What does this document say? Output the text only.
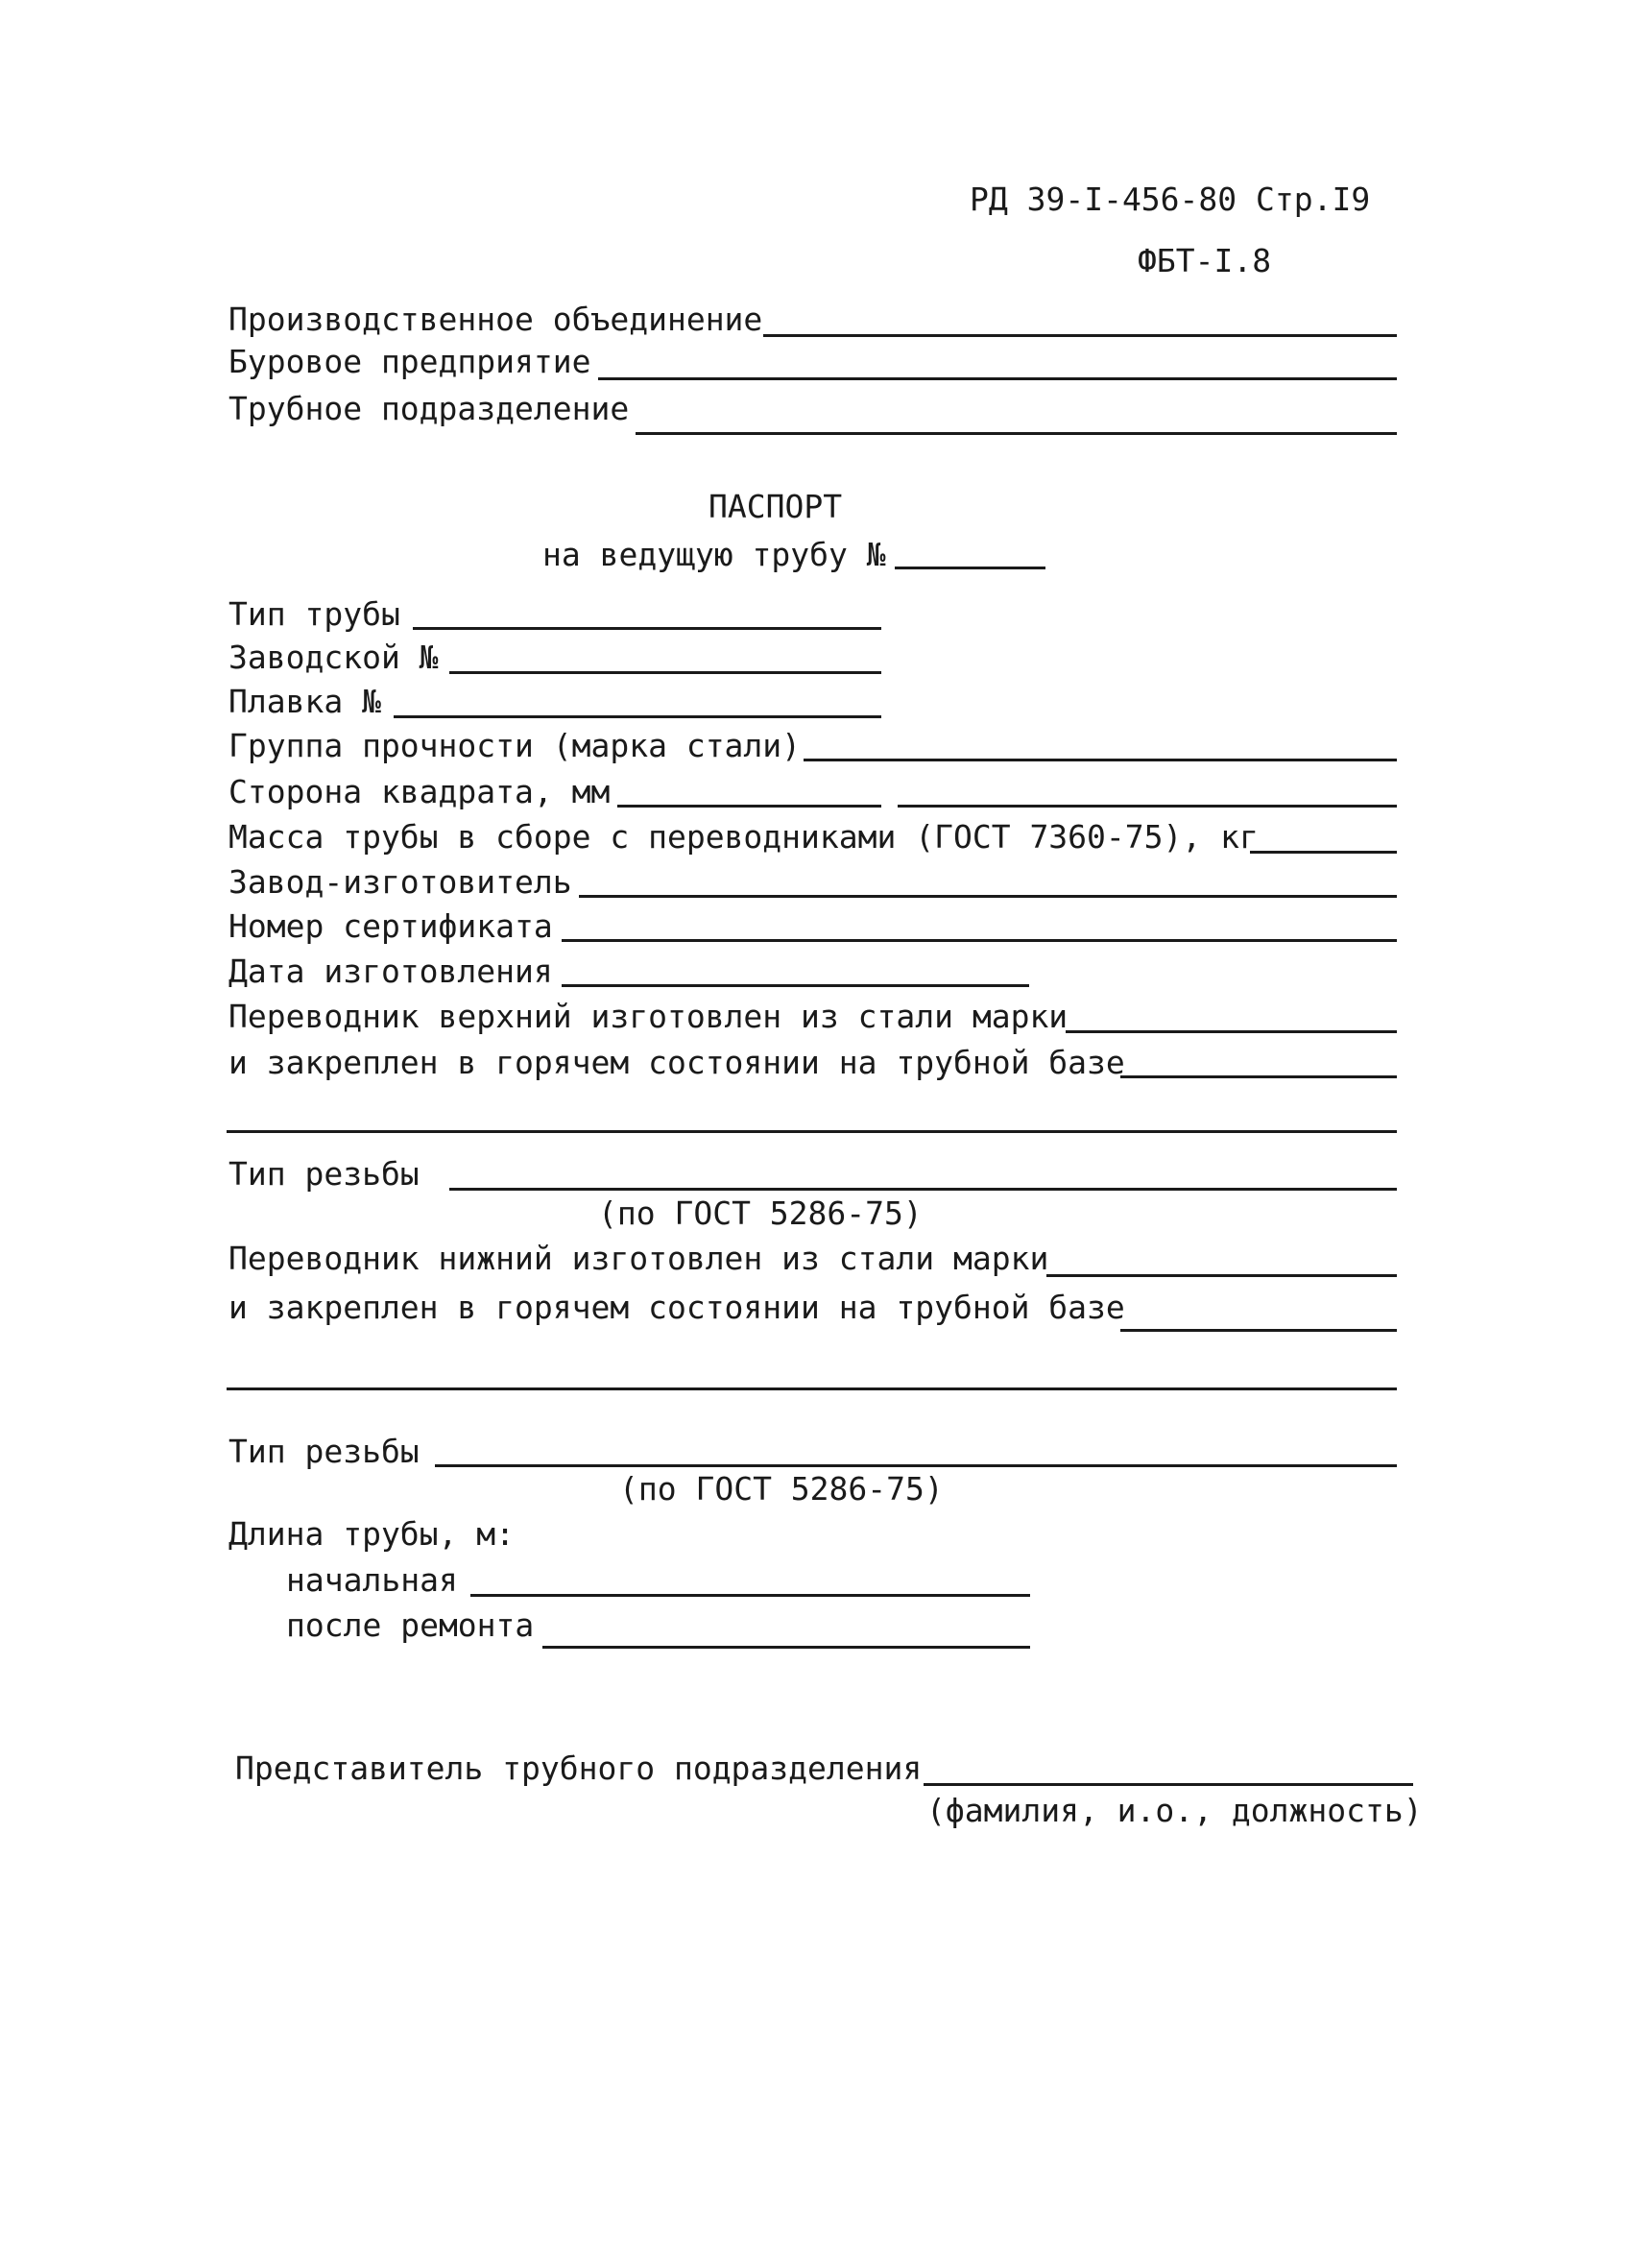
РД 39-I-456-80 Стр.I9
ФБТ-I.8
Производственное объединение
Буровое предприятие
Трубное подразделение
ПАСПОРТ
на ведущую трубу №
Тип трубы
Заводской №
Плавка №
Группа прочности (марка стали)
Сторона квадрата, мм
Масса трубы в сборе с переводниками (ГОСТ 7360-75), кг
Завод-изготовитель
Номер сертификата
Дата изготовления
Переводник верхний изготовлен из стали марки
и закреплен в горячем состоянии на трубной базе
Тип резьбы
(по ГОСТ 5286-75)
Переводник нижний изготовлен из стали марки
и закреплен в горячем состоянии на трубной базе
Тип резьбы
(по ГОСТ 5286-75)
Длина трубы, м:
начальная
после ремонта
Представитель трубного подразделения
(фамилия, и.о., должность)
